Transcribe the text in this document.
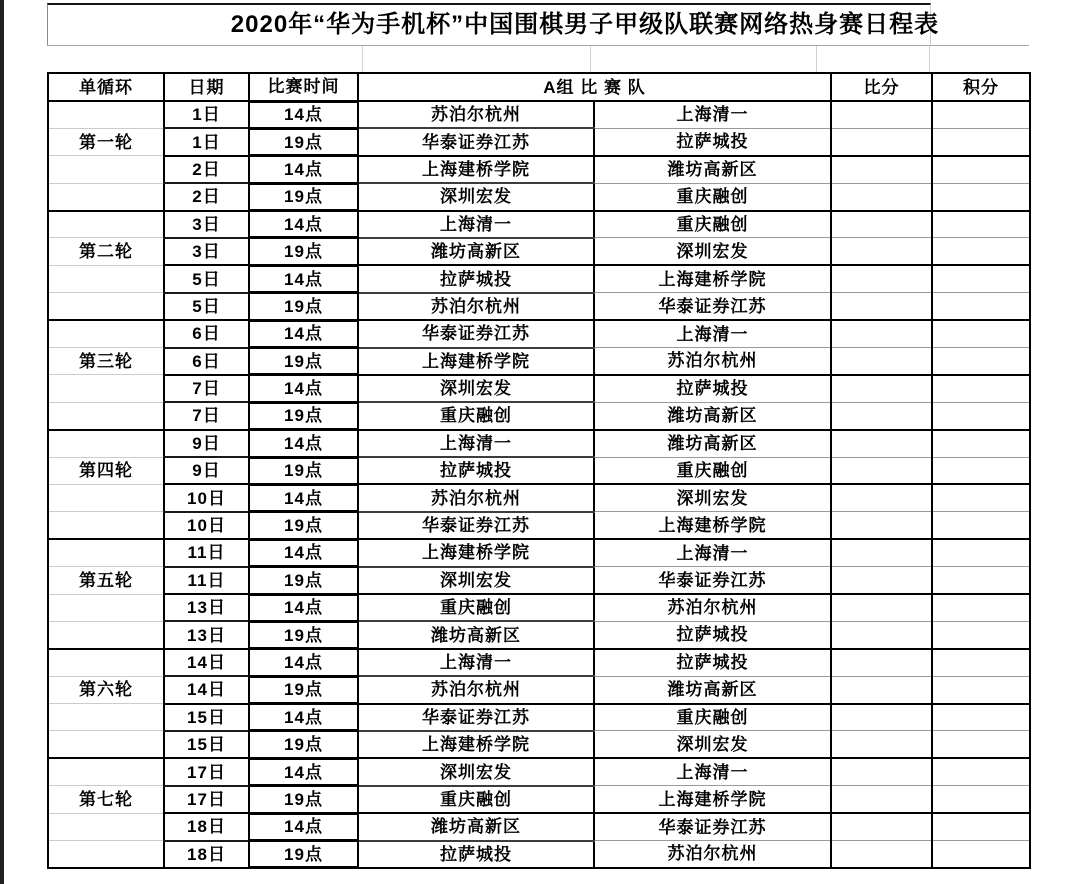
2020年“华为手机杯”中国围棋男子甲级队联赛网络热身赛日程表
单循环	日期	比赛时间	A组 比 赛 队		比分	积分
	1日	14点	苏泊尔杭州	上海清一		
第一轮	1日	19点	华泰证券江苏	拉萨城投		
	2日	14点	上海建桥学院	潍坊高新区		
	2日	19点	深圳宏发	重庆融创		
	3日	14点	上海清一	重庆融创		
第二轮	3日	19点	潍坊高新区	深圳宏发		
	5日	14点	拉萨城投	上海建桥学院		
	5日	19点	苏泊尔杭州	华泰证券江苏		
	6日	14点	华泰证券江苏	上海清一		
第三轮	6日	19点	上海建桥学院	苏泊尔杭州		
	7日	14点	深圳宏发	拉萨城投		
	7日	19点	重庆融创	潍坊高新区		
	9日	14点	上海清一	潍坊高新区		
第四轮	9日	19点	拉萨城投	重庆融创		
	10日	14点	苏泊尔杭州	深圳宏发		
	10日	19点	华泰证券江苏	上海建桥学院		
	11日	14点	上海建桥学院	上海清一		
第五轮	11日	19点	深圳宏发	华泰证券江苏		
	13日	14点	重庆融创	苏泊尔杭州		
	13日	19点	潍坊高新区	拉萨城投		
	14日	14点	上海清一	拉萨城投		
第六轮	14日	19点	苏泊尔杭州	潍坊高新区		
	15日	14点	华泰证券江苏	重庆融创		
	15日	19点	上海建桥学院	深圳宏发		
	17日	14点	深圳宏发	上海清一		
第七轮	17日	19点	重庆融创	上海建桥学院		
	18日	14点	潍坊高新区	华泰证券江苏		
	18日	19点	拉萨城投	苏泊尔杭州		
